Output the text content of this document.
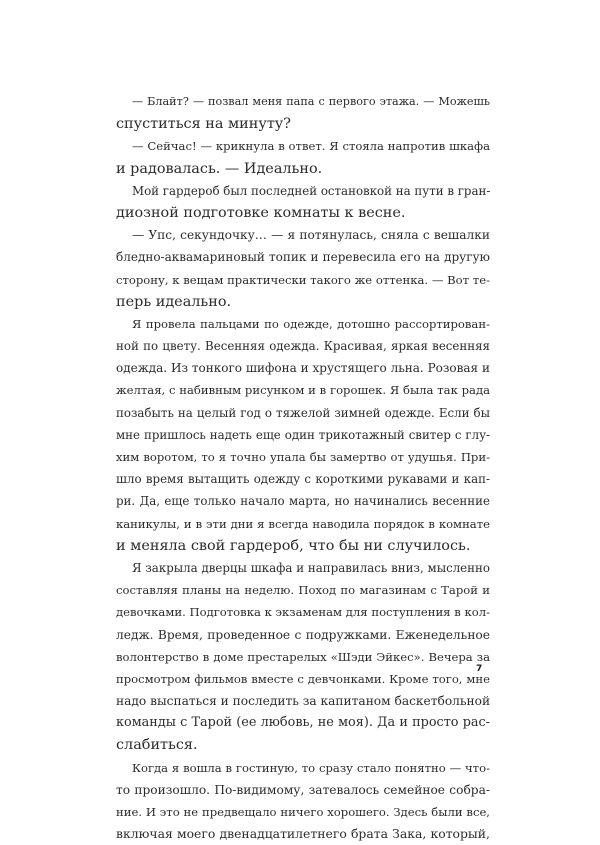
— Блайт? — позвал меня папа с первого этажа. — Можешь
спуститься на минуту?
— Сейчас! — крикнула в ответ. Я стояла напротив шкафа
и радовалась. — Идеально.
Мой гардероб был последней остановкой на пути в гран-
диозной подготовке комнаты к весне.
— Упс, секундочку… — я потянулась, сняла с вешалки
бледно-аквамариновый топик и перевесила его на другую
сторону, к вещам практически такого же оттенка. — Вот те-
перь идеально.
Я провела пальцами по одежде, дотошно рассортирован-
ной по цвету. Весенняя одежда. Красивая, яркая весенняя
одежда. Из тонкого шифона и хрустящего льна. Розовая и
желтая, с набивным рисунком и в горошек. Я была так рада
позабыть на целый год о тяжелой зимней одежде. Если бы
мне пришлось надеть еще один трикотажный свитер с глу-
хим воротом, то я точно упала бы замертво от удушья. При-
шло время вытащить одежду с короткими рукавами и кап-
ри. Да, еще только начало марта, но начинались весенние
каникулы, и в эти дни я всегда наводила порядок в комнате
и меняла свой гардероб, что бы ни случилось.
Я закрыла дверцы шкафа и направилась вниз, мысленно
составляя планы на неделю. Поход по магазинам с Тарой и
девочками. Подготовка к экзаменам для поступления в кол-
ледж. Время, проведенное с подружками. Еженедельное
волонтерство в доме престарелых «Шэди Эйкес». Вечера за
просмотром фильмов вместе с девчонками. Кроме того, мне
надо выспаться и последить за капитаном баскетбольной
команды с Тарой (ее любовь, не моя). Да и просто рас-
слабиться.
Когда я вошла в гостиную, то сразу стало понятно — что-
то произошло. По-видимому, затевалось семейное собра-
ние. И это не предвещало ничего хорошего. Здесь были все,
включая моего двенадцатилетнего брата Зака, который,
7
